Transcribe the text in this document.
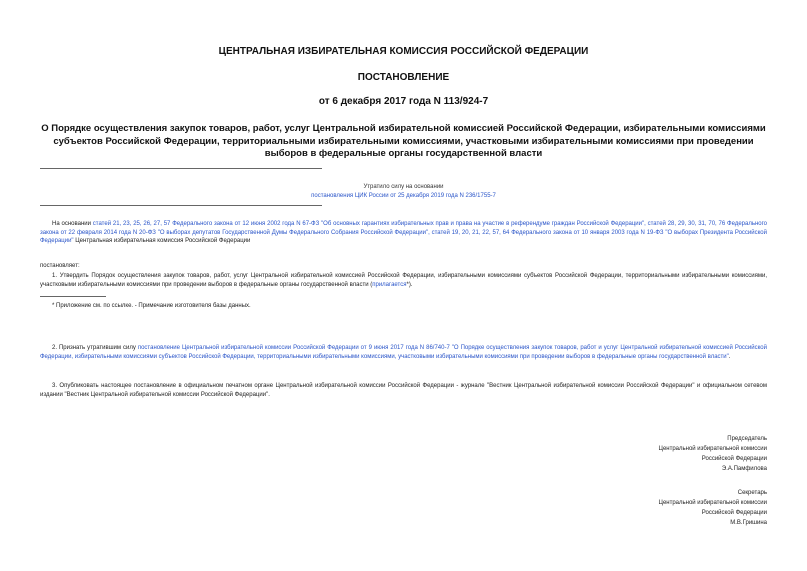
ЦЕНТРАЛЬНАЯ ИЗБИРАТЕЛЬНАЯ КОМИССИЯ РОССИЙСКОЙ ФЕДЕРАЦИИ
ПОСТАНОВЛЕНИЕ
от 6 декабря 2017 года N 113/924-7
О Порядке осуществления закупок товаров, работ, услуг Центральной избирательной комиссией Российской Федерации, избирательными комиссиями субъектов Российской Федерации, территориальными избирательными комиссиями, участковыми избирательными комиссиями при проведении выборов в федеральные органы государственной власти
Утратило силу на основании
постановления ЦИК России от 25 декабря 2019 года N 236/1755-7
На основании статей 21, 23, 25, 26, 27, 57 Федерального закона от 12 июня 2002 года N 67-ФЗ "Об основных гарантиях избирательных прав и права на участие в референдуме граждан Российской Федерации", статей 28, 29, 30, 31, 70, 76 Федерального закона от 22 февраля 2014 года N 20-ФЗ "О выборах депутатов Государственной Думы Федерального Собрания Российской Федерации", статей 19, 20, 21, 22, 57, 64 Федерального закона от 10 января 2003 года N 19-ФЗ "О выборах Президента Российской Федерации" Центральная избирательная комиссия Российской Федерации
постановляет:
1. Утвердить Порядок осуществления закупок товаров, работ, услуг Центральной избирательной комиссией Российской Федерации, избирательными комиссиями субъектов Российской Федерации, территориальными избирательными комиссиями, участковыми избирательными комиссиями при проведении выборов в федеральные органы государственной власти (прилагается*).
* Приложение см. по ссылке. - Примечание изготовителя базы данных.
2. Признать утратившим силу постановление Центральной избирательной комиссии Российской Федерации от 9 июня 2017 года N 86/740-7 "О Порядке осуществления закупок товаров, работ и услуг Центральной избирательной комиссией Российской Федерации, избирательными комиссиями субъектов Российской Федерации, территориальными избирательными комиссиями, участковыми избирательными комиссиями при проведении выборов в федеральные органы государственной власти".
3. Опубликовать настоящее постановление в официальном печатном органе Центральной избирательной комиссии Российской Федерации - журнале "Вестник Центральной избирательной комиссии Российской Федерации" и официальном сетевом издании "Вестник Центральной избирательной комиссии Российской Федерации".
Председатель
Центральной избирательной комиссии
Российской Федерации
Э.А.Памфилова
Секретарь
Центральной избирательной комиссии
Российской Федерации
М.В.Гришина
